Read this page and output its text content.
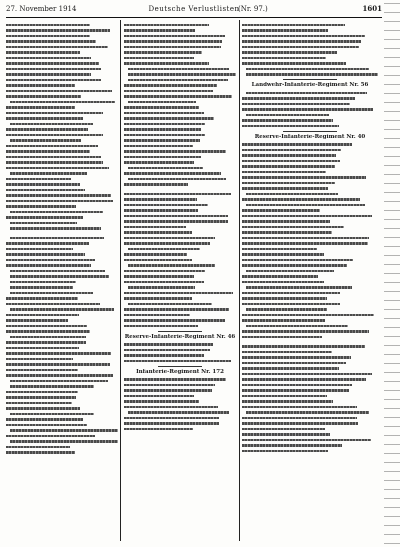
27. November 1914	Deutsche Verlustlisten
(Nr. 97.)	1601
Reserve-Infanterie-Regiment Nr. 46
Infanterie-Regiment Nr. 172
Landwehr-Infanterie-Regiment Nr. 56
Reserve-Infanterie-Regiment Nr. 40
